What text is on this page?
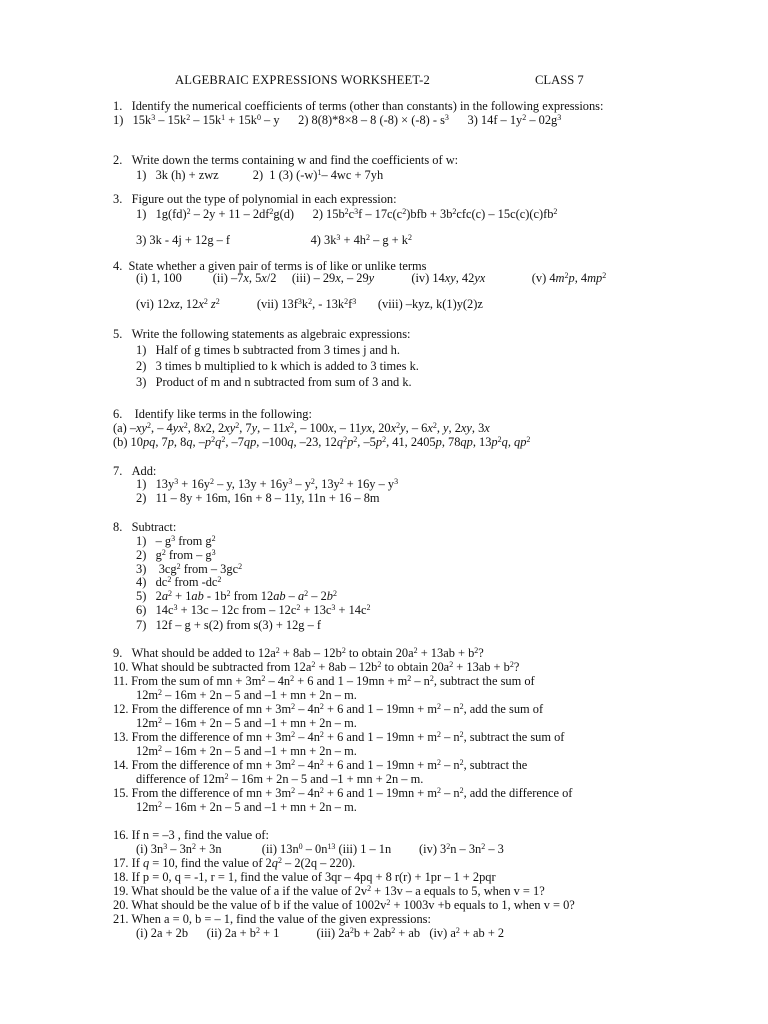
ALGEBRAIC EXPRESSIONS WORKSHEET-2	CLASS 7
1.   Identify the numerical coefficients of terms (other than constants) in the following expressions:
1)   $15k^3 - 15k^2 - 15k^1 + 15k^0 - y$      2) 8(8)*8×8 – 8 $(-8) \times (-8) - s^3$      3) $14f - 1y^2 - 02g^3$
2.   Write down the terms containing w and find the coefficients of w:
1)   3k (h) + zwz           2)  1 (3) $(-w)^1-$ 4wc + 7yh
3.   Figure out the type of polynomial in each expression:
1)   $1g(fd)^2 - 2y + 11 - 2df^2g(d)$      2) $15b^2c^3f - 17c(c^2)bfb + 3b^2cfc(c) - 15c(c)(c)fb^2$
3) 3k - 4j + 12g – f                          4) $3k^3 + 4h^2 - g + k^2$
4.  State whether a given pair of terms is of like or unlike terms
(i) 1, 100          (ii) –7x, 5x/2     (iii) – 29x, – 29y            (iv) 14xy, 42yx               (v) $4m^2p$, $4mp^2$
(vi) 12xz, $12x^2$ $z^2$            (vii) $13f^3k^2$, - $13k^2f^3$       (viii) –kyz, k(1)y(2)z
5.   Write the following statements as algebraic expressions:
1)   Half of g times b subtracted from 3 times j and h.
2)   3 times b multiplied to k which is added to 3 times k.
3)   Product of m and n subtracted from sum of 3 and k.
6.    Identify like terms in the following:
(a) $-xy^2$, – $4yx^2$, 8x2, $2xy^2$, 7y, – $11x^2$, – 100x, – 11yx, $20x^2y$, – $6x^2$, y, 2xy, 3x
(b) 10pq, 7p, 8q, $-p^2q^2$, –7qp, –100q, –23, $12q^2p^2$, $-5p^2$, 41, 2405p, 78qp, $13p^2q$, $qp^2$
7.   Add:
1)   $13y^3 + 16y^2 - y$, $13y + 16y^3 - y^2$, $13y^2 + 16y - y^3$
2)   11 – 8y + 16m, 16n + 8 – 11y, 11n + 16 – 8m
8.   Subtract:
$1) - g^3$ from $g^2$
2)   $g^2$ from – $g^3$
3)    $3cg^2$ from – $3gc^2$
4)   $dc^2$ from $-dc^2$
5)   $2a^2 + 1ab - 1b^2$ from $12ab - a^2 - 2b^2$
6)   $14c^3 + 13c - 12c$ from – $12c^2 + 13c^3 + 14c^2$
7)   12f – g + s(2) from s(3) + 12g – f
9.   What should be added to $12a^2 + 8ab - 12b^2$ to obtain $20a^2 + 13ab + b^2$?
10. What should be subtracted from $12a^2 + 8ab - 12b^2$ to obtain $20a^2 + 13ab + b^2$?
11. From the sum of mn + $3m^2 - 4n^2 + 6$ and $1 - 19mn + m^2 - n^2$, subtract the sum of
$12m^2 - 16m + 2n - 5$ and –1 + mn + 2n – m.
12. From the difference of mn + $3m^2 - 4n^2 + 6$ and $1 - 19mn + m^2 - n^2$, add the sum of
$12m^2 - 16m + 2n - 5$ and –1 + mn + 2n – m.
13. From the difference of mn + $3m^2 - 4n^2 + 6$ and $1 - 19mn + m^2 - n^2$, subtract the sum of
$12m^2 - 16m + 2n - 5$ and –1 + mn + 2n – m.
14. From the difference of mn + $3m^2 - 4n^2 + 6$ and $1 - 19mn + m^2 - n^2$, subtract the
difference of $12m^2 - 16m + 2n - 5$ and –1 + mn + 2n – m.
15. From the difference of mn + $3m^2 - 4n^2 + 6$ and $1 - 19mn + m^2 - n^2$, add the difference of
$12m^2 - 16m + 2n - 5$ and –1 + mn + 2n – m.
16. If n = –3 , find the value of:
(i) $3n^3 - 3n^2 + 3n$             (ii) $13n^0 - 0n^{13}$ (iii) 1 – 1n         (iv) $3^2n - 3n^2 - 3$
17. If q = 10, find the value of $2q^2 - 2(2q - 220)$.
18. If p = 0, q = -1, r = 1, find the value of 3qr – 4pq + 8 r(r) + 1pr – 1 + 2pqr
19. What should be the value of a if the value of $2v^2 + 13v - a$ equals to 5, when v = 1?
20. What should be the value of b if the value of $1002v^2 + 1003v +b$ equals to 1, when v = 0?
21. When a = 0, b = – 1, find the value of the given expressions:
(i) 2a + 2b      (ii) $2a + b^2 + 1$            (iii) $2a^2b + 2ab^2$ + ab   (iv) $a^2$ + ab + 2
